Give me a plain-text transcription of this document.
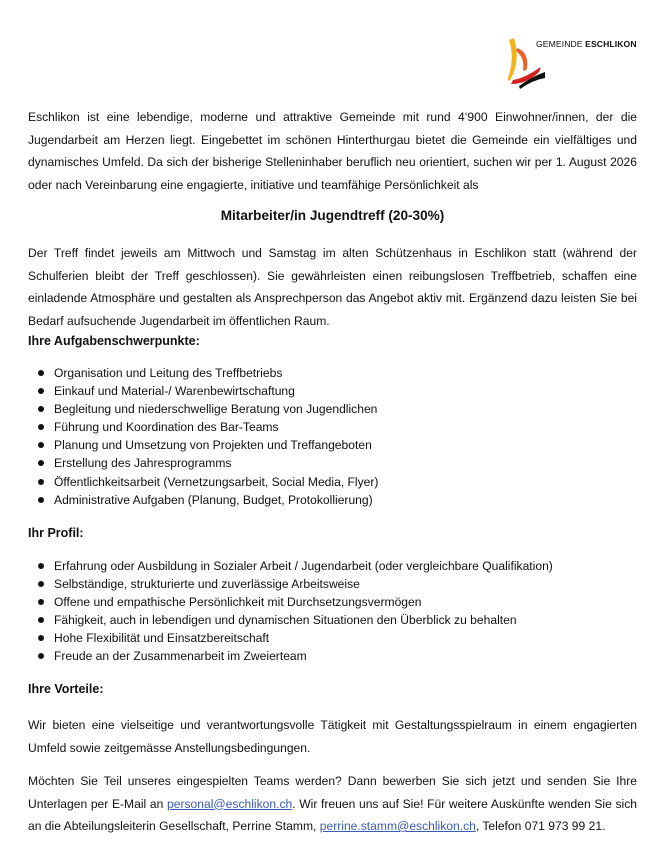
GEMEINDE ESCHLIKON

Eschlikon ist eine lebendige, moderne und attraktive Gemeinde mit rund 4‘900 Einwohner/innen, der die Jugendarbeit am Herzen liegt. Eingebettet im schönen Hinterthurgau bietet die Gemeinde ein vielfältiges und dynamisches Umfeld. Da sich der bisherige Stelleninhaber beruflich neu orientiert, suchen wir per 1. August 2026 oder nach Vereinbarung eine engagierte, initiative und teamfähige Persönlichkeit als

Mitarbeiter/in Jugendtreff (20-30%)

Der Treff findet jeweils am Mittwoch und Samstag im alten Schützenhaus in Eschlikon statt (während der Schulferien bleibt der Treff geschlossen). Sie gewährleisten einen reibungslosen Treffbetrieb, schaffen eine einladende Atmosphäre und gestalten als Ansprechperson das Angebot aktiv mit. Ergänzend dazu leisten Sie bei Bedarf aufsuchende Jugendarbeit im öffentlichen Raum.

Ihre Aufgabenschwerpunkte:
Organisation und Leitung des Treffbetriebs
Einkauf und Material-/ Warenbewirtschaftung
Begleitung und niederschwellige Beratung von Jugendlichen
Führung und Koordination des Bar-Teams
Planung und Umsetzung von Projekten und Treffangeboten
Erstellung des Jahresprogramms
Öffentlichkeitsarbeit (Vernetzungsarbeit, Social Media, Flyer)
Administrative Aufgaben (Planung, Budget, Protokollierung)
Ihr Profil:
Erfahrung oder Ausbildung in Sozialer Arbeit / Jugendarbeit (oder vergleichbare Qualifikation)
Selbständige, strukturierte und zuverlässige Arbeitsweise
Offene und empathische Persönlichkeit mit Durchsetzungsvermögen
Fähigkeit, auch in lebendigen und dynamischen Situationen den Überblick zu behalten
Hohe Flexibilität und Einsatzbereitschaft
Freude an der Zusammenarbeit im Zweierteam
Ihre Vorteile:

Wir bieten eine vielseitige und verantwortungsvolle Tätigkeit mit Gestaltungsspielraum in einem engagierten Umfeld sowie zeitgemässe Anstellungsbedingungen.

Möchten Sie Teil unseres eingespielten Teams werden? Dann bewerben Sie sich jetzt und senden Sie Ihre Unterlagen per E-Mail an personal@eschlikon.ch. Wir freuen uns auf Sie! Für weitere Auskünfte wenden Sie sich an die Abteilungsleiterin Gesellschaft, Perrine Stamm, perrine.stamm@eschlikon.ch, Telefon 071 973 99 21.
